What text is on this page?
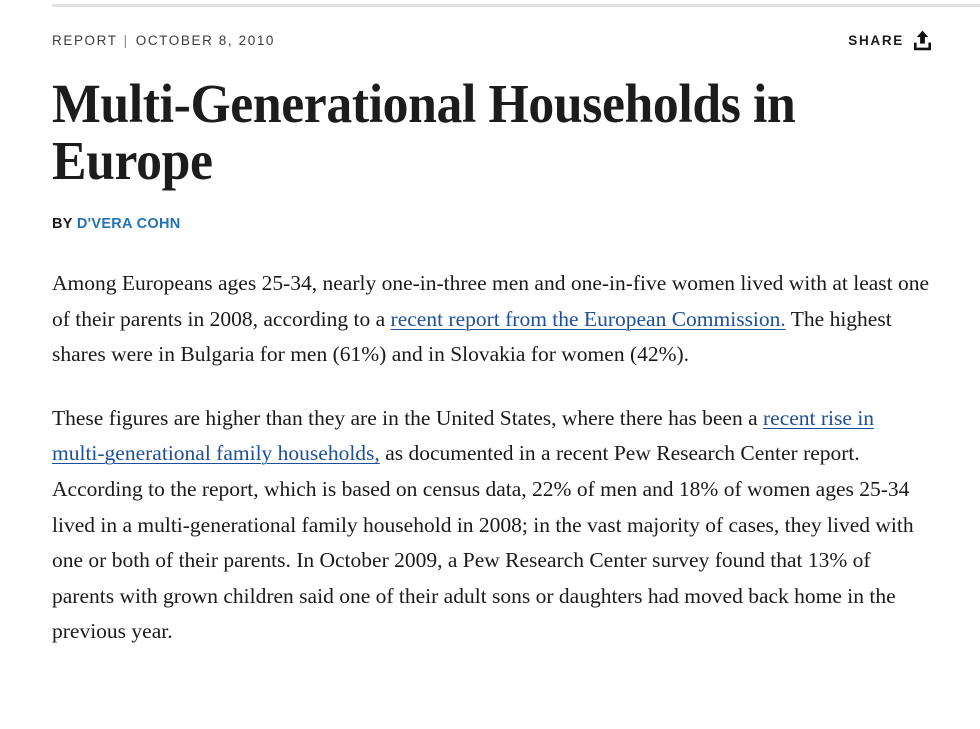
REPORT | OCTOBER 8, 2010	SHARE
Multi-Generational Households in Europe
BY D'VERA COHN

Among Europeans ages 25-34, nearly one-in-three men and one-in-five women lived with at least one of their parents in 2008, according to a recent report from the European Commission. The highest shares were in Bulgaria for men (61%) and in Slovakia for women (42%).

These figures are higher than they are in the United States, where there has been a recent rise in multi-generational family households, as documented in a recent Pew Research Center report. According to the report, which is based on census data, 22% of men and 18% of women ages 25-34 lived in a multi-generational family household in 2008; in the vast majority of cases, they lived with one or both of their parents. In October 2009, a Pew Research Center survey found that 13% of parents with grown children said one of their adult sons or daughters had moved back home in the previous year.
